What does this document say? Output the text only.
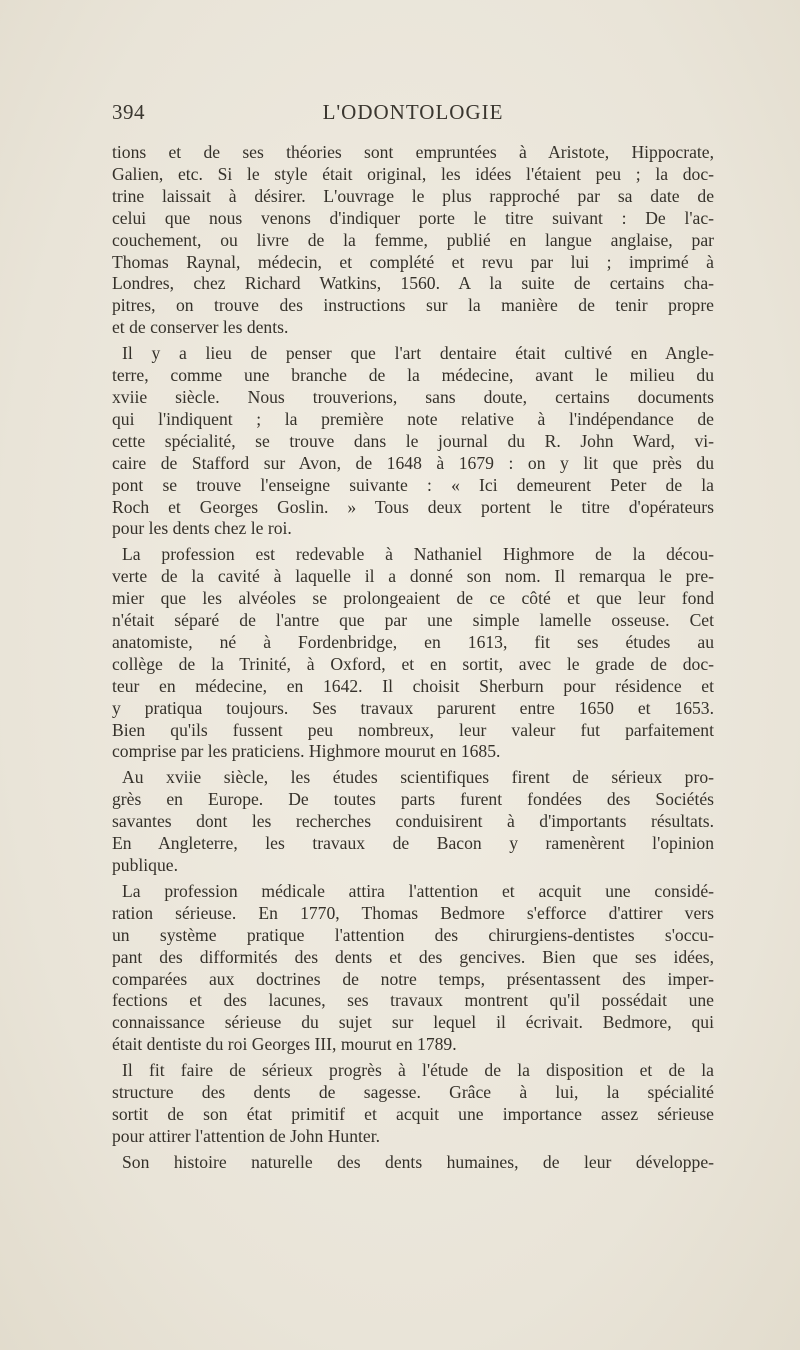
394	L'ODONTOLOGIE

tions et de ses théories sont empruntées à Aristote, Hippocrate,
Galien, etc. Si le style était original, les idées l'étaient peu ; la doc-
trine laissait à désirer. L'ouvrage le plus rapproché par sa date de
celui que nous venons d'indiquer porte le titre suivant : De l'ac-
couchement, ou livre de la femme, publié en langue anglaise, par
Thomas Raynal, médecin, et complété et revu par lui ; imprimé à
Londres, chez Richard Watkins, 1560. A la suite de certains cha-
pitres, on trouve des instructions sur la manière de tenir propre
et de conserver les dents.

Il y a lieu de penser que l'art dentaire était cultivé en Angle-
terre, comme une branche de la médecine, avant le milieu du
xviie siècle. Nous trouverions, sans doute, certains documents
qui l'indiquent ; la première note relative à l'indépendance de
cette spécialité, se trouve dans le journal du R. John Ward, vi-
caire de Stafford sur Avon, de 1648 à 1679 : on y lit que près du
pont se trouve l'enseigne suivante : « Ici demeurent Peter de la
Roch et Georges Goslin. » Tous deux portent le titre d'opérateurs
pour les dents chez le roi.

La profession est redevable à Nathaniel Highmore de la décou-
verte de la cavité à laquelle il a donné son nom. Il remarqua le pre-
mier que les alvéoles se prolongeaient de ce côté et que leur fond
n'était séparé de l'antre que par une simple lamelle osseuse. Cet
anatomiste, né à Fordenbridge, en 1613, fit ses études au
collège de la Trinité, à Oxford, et en sortit, avec le grade de doc-
teur en médecine, en 1642. Il choisit Sherburn pour résidence et
y pratiqua toujours. Ses travaux parurent entre 1650 et 1653.
Bien qu'ils fussent peu nombreux, leur valeur fut parfaitement
comprise par les praticiens. Highmore mourut en 1685.

Au xviie siècle, les études scientifiques firent de sérieux pro-
grès en Europe. De toutes parts furent fondées des Sociétés
savantes dont les recherches conduisirent à d'importants résultats.
En Angleterre, les travaux de Bacon y ramenèrent l'opinion
publique.

La profession médicale attira l'attention et acquit une considé-
ration sérieuse. En 1770, Thomas Bedmore s'efforce d'attirer vers
un système pratique l'attention des chirurgiens-dentistes s'occu-
pant des difformités des dents et des gencives. Bien que ses idées,
comparées aux doctrines de notre temps, présentassent des imper-
fections et des lacunes, ses travaux montrent qu'il possédait une
connaissance sérieuse du sujet sur lequel il écrivait. Bedmore, qui
était dentiste du roi Georges III, mourut en 1789.

Il fit faire de sérieux progrès à l'étude de la disposition et de la
structure des dents de sagesse. Grâce à lui, la spécialité
sortit de son état primitif et acquit une importance assez sérieuse
pour attirer l'attention de John Hunter.

Son histoire naturelle des dents humaines, de leur développe-
